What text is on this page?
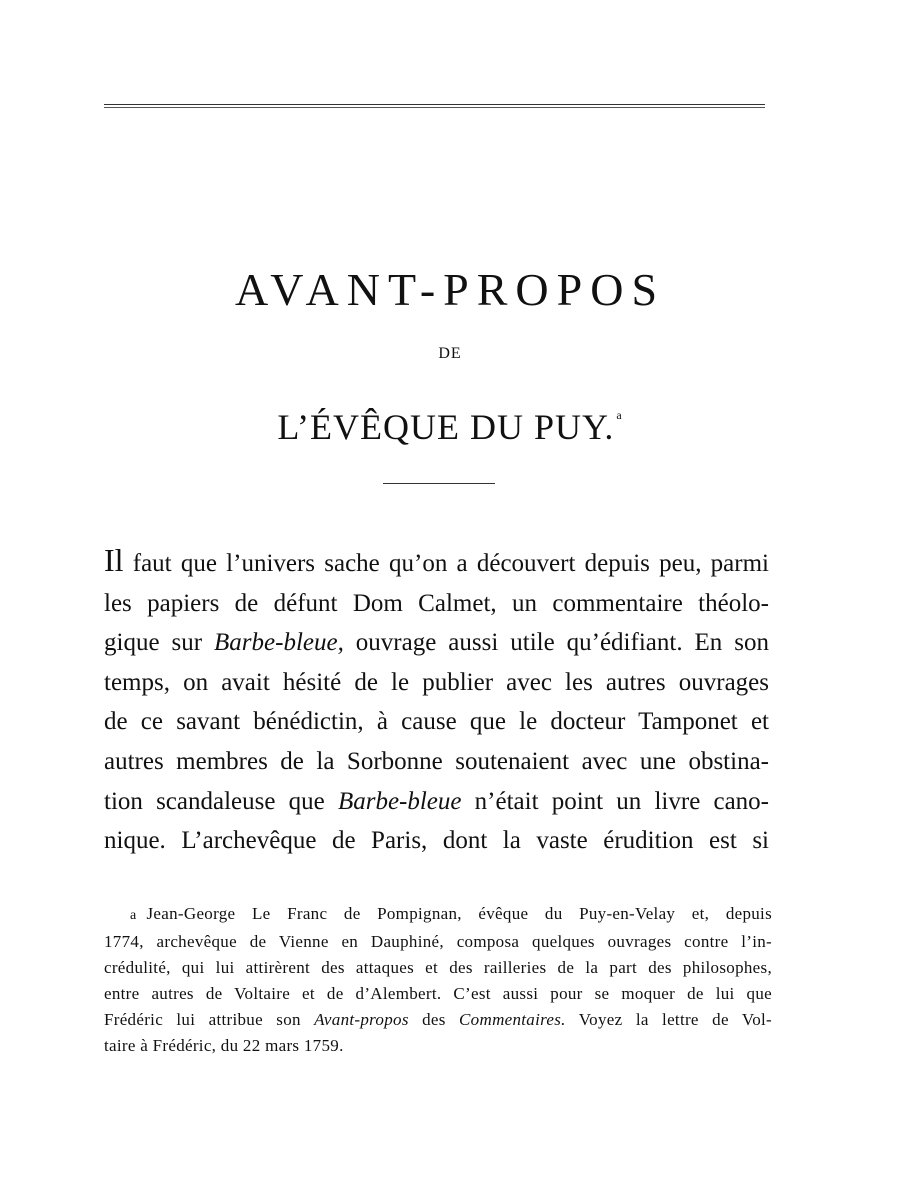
AVANT-PROPOS
DE
L’ÉVÊQUE DU PUY. $^a$
Il faut que l’univers sache qu’on a découvert depuis peu, parmi
les papiers de défunt Dom Calmet, un commentaire théolo-
gique sur Barbe-bleue, ouvrage aussi utile qu’édifiant. En son
temps, on avait hésité de le publier avec les autres ouvrages
de ce savant bénédictin, à cause que le docteur Tamponet et
autres membres de la Sorbonne soutenaient avec une obstina-
tion scandaleuse que Barbe-bleue n’était point un livre cano-
nique. L’archevêque de Paris, dont la vaste érudition est si
a Jean-George Le Franc de Pompignan, évêque du Puy-en-Velay et, depuis
1774, archevêque de Vienne en Dauphiné, composa quelques ouvrages contre l’in-
crédulité, qui lui attirèrent des attaques et des railleries de la part des philosophes,
entre autres de Voltaire et de d’Alembert. C’est aussi pour se moquer de lui que
Frédéric lui attribue son Avant-propos des Commentaires. Voyez la lettre de Vol-
taire à Frédéric, du 22 mars 1759.
